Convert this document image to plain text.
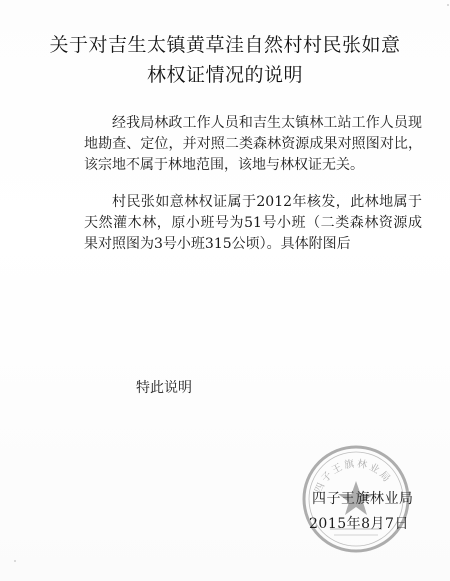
关于对吉生太镇黄草洼自然村村民张如意
林权证情况的说明
经我局林政工作人员和吉生太镇林工站工作人员现地勘查、定位，并对照二类森林资源成果对照图对比，该宗地不属于林地范围，该地与林权证无关。
村民张如意林权证属于2012年核发，此林地属于天然灌木林，原小班号为51号小班（二类森林资源成果对照图为3号小班315公顷）。具体附图后
特此说明
四子王旗林业局
四子王旗林业局
2015年8月7日
